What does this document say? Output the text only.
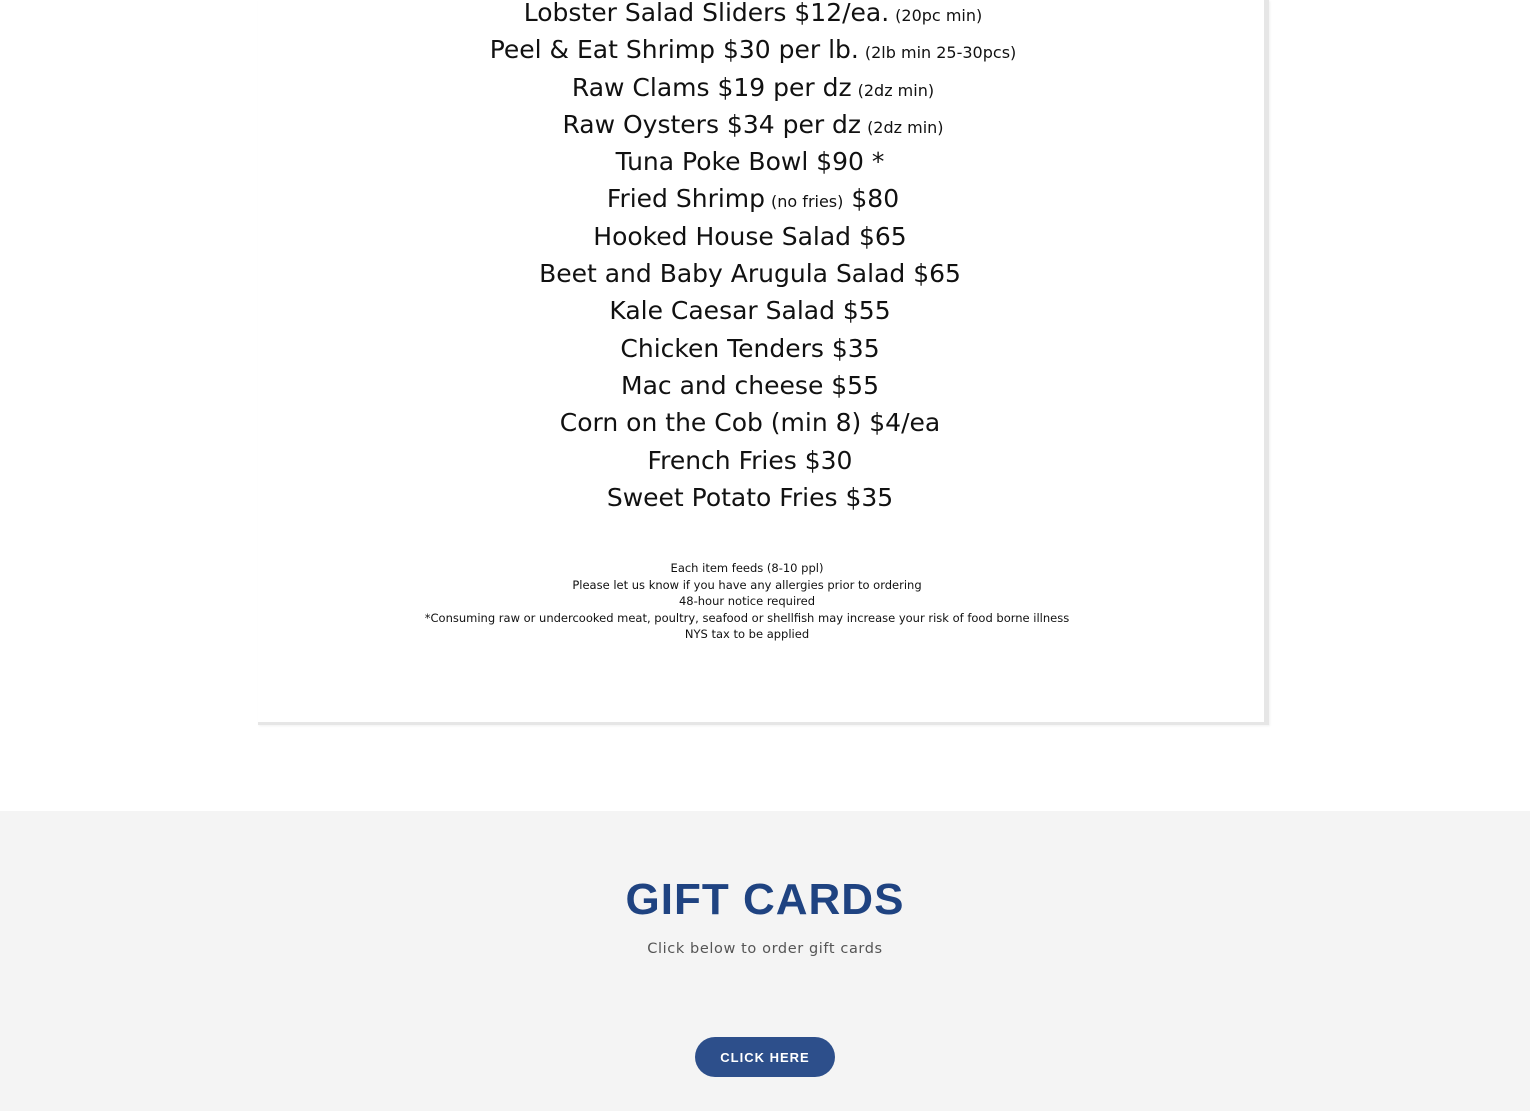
Lobster Salad Sliders $12/ea. (20pc min)
Peel & Eat Shrimp $30 per lb. (2lb min 25-30pcs)
Raw Clams $19 per dz (2dz min)
Raw Oysters $34 per dz (2dz min)
Tuna Poke Bowl $90 *
Fried Shrimp (no fries) $80
Hooked House Salad $65
Beet and Baby Arugula Salad $65
Kale Caesar Salad $55
Chicken Tenders $35
Mac and cheese $55
Corn on the Cob (min 8) $4/ea
French Fries $30
Sweet Potato Fries $35
Each item feeds (8-10 ppl)
Please let us know if you have any allergies prior to ordering
48-hour notice required
*Consuming raw or undercooked meat, poultry, seafood or shellfish may increase your risk of food borne illness
NYS tax to be applied
GIFT CARDS

Click below to order gift cards

CLICK HERE
